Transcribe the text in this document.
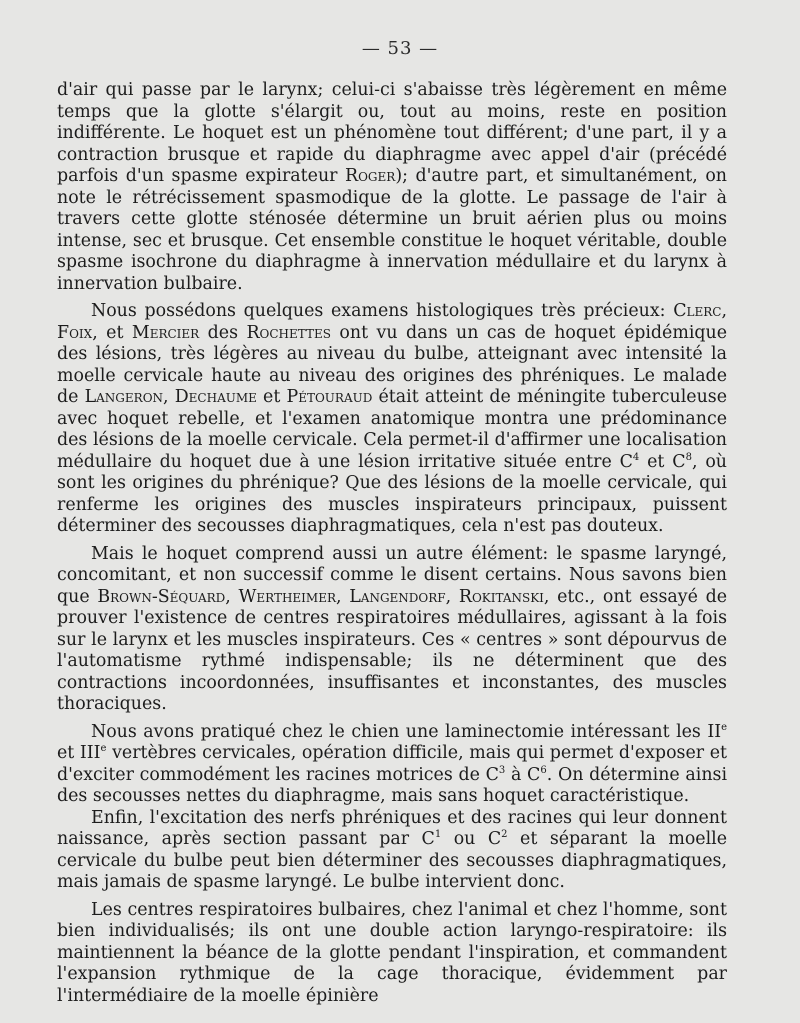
— 53 —

d'air qui passe par le larynx; celui-ci s'abaisse très légèrement en même temps que la glotte s'élargit ou, tout au moins, reste en position indifférente. Le hoquet est un phénomène tout différent; d'une part, il y a contraction brusque et rapide du diaphragme avec appel d'air (précédé parfois d'un spasme expirateur Roger); d'autre part, et simultanément, on note le rétrécissement spasmodique de la glotte. Le passage de l'air à travers cette glotte sténosée détermine un bruit aérien plus ou moins intense, sec et brusque. Cet ensemble constitue le hoquet véritable, double spasme isochrone du diaphragme à innervation médullaire et du larynx à innervation bulbaire.

Nous possédons quelques examens histologiques très précieux: Clerc, Foix, et Mercier des Rochettes ont vu dans un cas de hoquet épidémique des lésions, très légères au niveau du bulbe, atteignant avec intensité la moelle cervicale haute au niveau des origines des phréniques. Le malade de Langeron, Dechaume et Pétouraud était atteint de méningite tuberculeuse avec hoquet rebelle, et l'examen anatomique montra une prédominance des lésions de la moelle cervicale. Cela permet-il d'affirmer une localisation médullaire du hoquet due à une lésion irritative située entre $C^4$ et $C^8$, où sont les origines du phrénique? Que des lésions de la moelle cervicale, qui renferme les origines des muscles inspirateurs principaux, puissent déterminer des secousses diaphragmatiques, cela n'est pas douteux.

Mais le hoquet comprend aussi un autre élément: le spasme laryngé, concomitant, et non successif comme le disent certains. Nous savons bien que Brown-Séquard, Wertheimer, Langendorf, Rokitanski, etc., ont essayé de prouver l'existence de centres respiratoires médullaires, agissant à la fois sur le larynx et les muscles inspirateurs. Ces « centres » sont dépourvus de l'automatisme rythmé indispensable; ils ne déterminent que des contractions incoordonnées, insuffisantes et inconstantes, des muscles thoraciques.

Nous avons pratiqué chez le chien une laminectomie intéressant les IIe et IIIe vertèbres cervicales, opération difficile, mais qui permet d'exposer et d'exciter commodément les racines motrices de $C^3$ à $C^6$. On détermine ainsi des secousses nettes du diaphragme, mais sans hoquet caractéristique.

Enfin, l'excitation des nerfs phréniques et des racines qui leur donnent naissance, après section passant par $C^1$ ou $C^2$ et séparant la moelle cervicale du bulbe peut bien déterminer des secousses diaphragmatiques, mais jamais de spasme laryngé. Le bulbe intervient donc.

Les centres respiratoires bulbaires, chez l'animal et chez l'homme, sont bien individualisés; ils ont une double action laryngo-respiratoire: ils maintiennent la béance de la glotte pendant l'inspiration, et commandent l'expansion rythmique de la cage thoracique, évidemment par l'intermédiaire de la moelle épinière
